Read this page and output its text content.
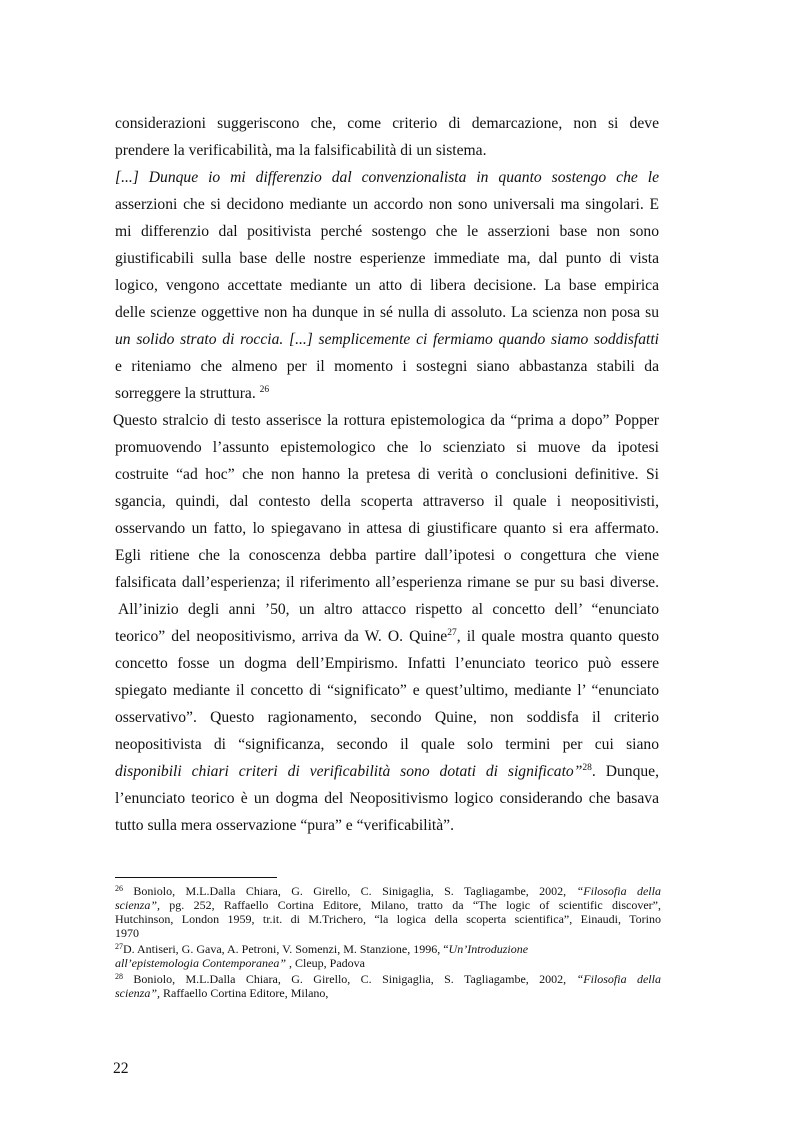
considerazioni suggeriscono che, come criterio di demarcazione, non si deve
prendere la verificabilità, ma la falsificabilità di un sistema.
[...] Dunque io mi differenzio dal convenzionalista in quanto sostengo che le
asserzioni che si decidono mediante un accordo non sono universali ma singolari. E
mi differenzio dal positivista perché sostengo che le asserzioni base non sono
giustificabili sulla base delle nostre esperienze immediate ma, dal punto di vista
logico, vengono accettate mediante un atto di libera decisione. La base empirica
delle scienze oggettive non ha dunque in sé nulla di assoluto. La scienza non posa su
un solido strato di roccia. [...] semplicemente ci fermiamo quando siamo soddisfatti
e riteniamo che almeno per il momento i sostegni siano abbastanza stabili da
sorreggere la struttura. $^{26}$
Questo stralcio di testo asserisce la rottura epistemologica da “prima a dopo” Popper
promuovendo l’assunto epistemologico che lo scienziato si muove da ipotesi
costruite “ad hoc” che non hanno la pretesa di verità o conclusioni definitive. Si
sgancia, quindi, dal contesto della scoperta attraverso il quale i neopositivisti,
osservando un fatto, lo spiegavano in attesa di giustificare quanto si era affermato.
Egli ritiene che la conoscenza debba partire dall’ipotesi o congettura che viene
falsificata dall’esperienza; il riferimento all’esperienza rimane se pur su basi diverse.
All’inizio degli anni ’50, un altro attacco rispetto al concetto dell’ “enunciato
teorico” del neopositivismo, arriva da W. O. Quine$^{27}$, il quale mostra quanto questo
concetto fosse un dogma dell’Empirismo. Infatti l’enunciato teorico può essere
spiegato mediante il concetto di “significato” e quest’ultimo, mediante l’ “enunciato
osservativo”. Questo ragionamento, secondo Quine, non soddisfa il criterio
neopositivista di “significanza, secondo il quale solo termini per cui siano
disponibili chiari criteri di verificabilità sono dotati di significato”$^{28}$. Dunque,
l’enunciato teorico è un dogma del Neopositivismo logico considerando che basava
tutto sulla mera osservazione “pura” e “verificabilità”.
$^{26}$ Boniolo, M.L.Dalla Chiara, G. Girello, C. Sinigaglia, S. Tagliagambe, 2002, “Filosofia della
scienza”, pg. 252, Raffaello Cortina Editore, Milano, tratto da “The logic of scientific discover”,
Hutchinson, London 1959, tr.it. di M.Trichero, “la logica della scoperta scientifica”, Einaudi, Torino
1970
$^{27}$D. Antiseri, G. Gava, A. Petroni, V. Somenzi, M. Stanzione, 1996, “Un’Introduzione
all’epistemologia Contemporanea” , Cleup, Padova
$^{28}$ Boniolo, M.L.Dalla Chiara, G. Girello, C. Sinigaglia, S. Tagliagambe, 2002, “Filosofia della
scienza”, Raffaello Cortina Editore, Milano,
22
